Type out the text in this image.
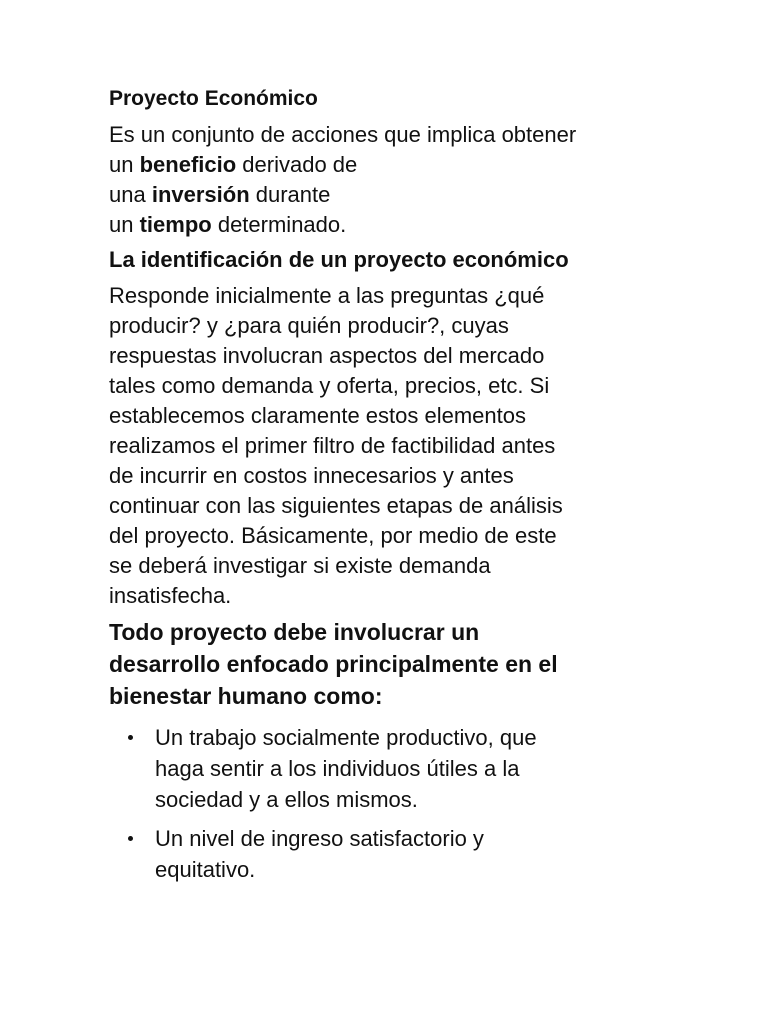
Proyecto Económico
Es un conjunto de acciones que implica obtener
un beneficio derivado de
una inversión durante
un tiempo determinado.
La identificación de un proyecto económico
Responde inicialmente a las preguntas ¿qué
producir? y ¿para quién producir?, cuyas
respuestas involucran aspectos del mercado
tales como demanda y oferta, precios, etc. Si
establecemos claramente estos elementos
realizamos el primer filtro de factibilidad antes
de incurrir en costos innecesarios y antes
continuar con las siguientes etapas de análisis
del proyecto. Básicamente, por medio de este
se deberá investigar si existe demanda
insatisfecha.
Todo proyecto debe involucrar un
desarrollo enfocado principalmente en el
bienestar humano como:
Un trabajo socialmente productivo, que
haga sentir a los individuos útiles a la
sociedad y a ellos mismos.
Un nivel de ingreso satisfactorio y
equitativo.
